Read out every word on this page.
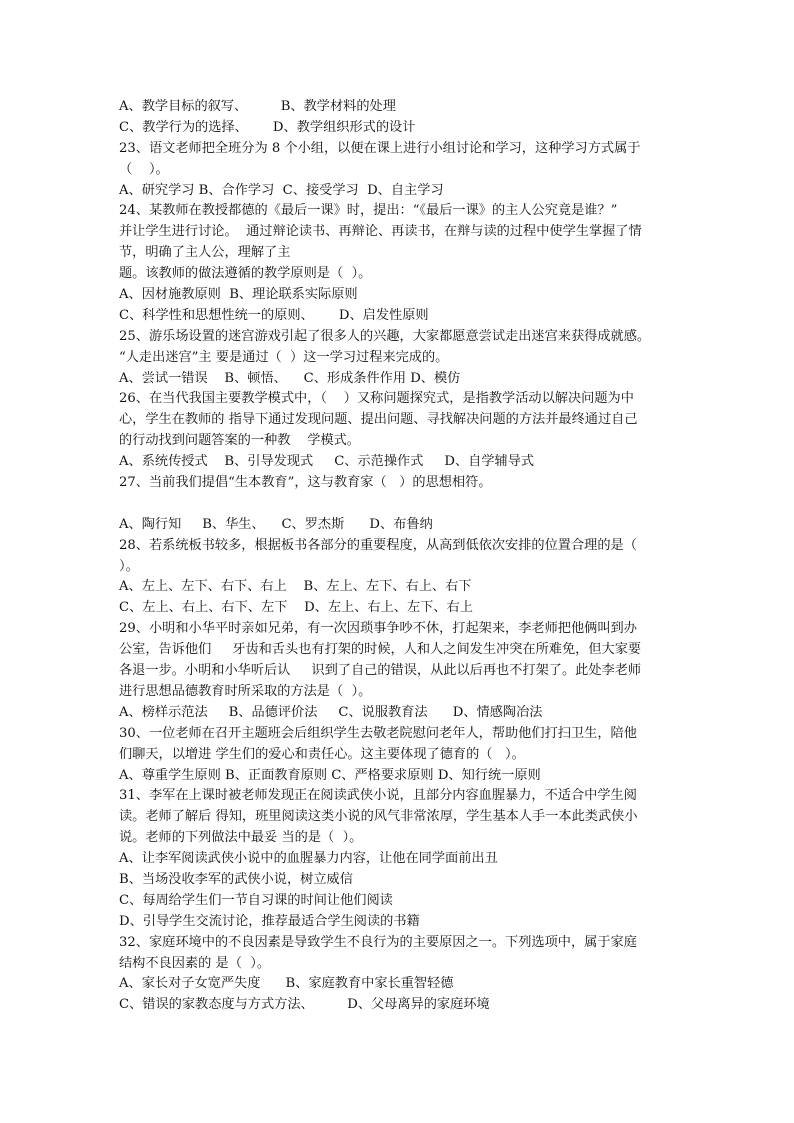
A、教学目标的叙写、        B、教学材料的处理
C、教学行为的选择、      D、教学组织形式的设计
23、语文老师把全班分为 8 个小组，以便在课上进行小组讨论和学习，这种学习方式属于
（    ）。
A、研究学习 B、合作学习  C、接受学习  D、自主学习
24、某教师在教授都德的《最后一课》时，提出：“《最后一课》的主人公究竟是谁？”
并让学生进行讨论。  通过辩论读书、再辩论、再读书，在辩与读的过程中使学生掌握了情
节，明确了主人公，理解了主
题。该教师的做法遵循的教学原则是（  ）。
A、因材施教原则  B、理论联系实际原则
C、科学性和思想性统一的原则、      D、启发性原则
25、游乐场设置的迷宫游戏引起了很多人的兴趣，大家都愿意尝试走出迷宫来获得成就感。
“人走出迷宫”主 要是通过（  ）这一学习过程来完成的。
A、尝试一错误    B、顿悟、    C、形成条件作用 D、模仿
26、在当代我国主要教学模式中，（    ）又称问题探究式，是指教学活动以解决问题为中
心，学生在教师的 指导下通过发现问题、提出问题、寻找解决问题的方法并最终通过自己
的行动找到问题答案的一种教    学模式。
A、系统传授式    B、引导发现式     C、示范操作式     D、自学辅导式
27、当前我们提倡“生本教育”，这与教育家（   ）的思想相符。
A、陶行知     B、华生、    C、罗杰斯      D、布鲁纳
28、若系统板书较多，根据板书各部分的重要程度，从高到低依次安排的位置合理的是（
）。
A、左上、左下、右下、右上    B、左上、左下、右上、右下
C、左上、右上、右下、左下    D、左上、右上、左下、右上
29、小明和小华平时亲如兄弟，有一次因琐事争吵不休，打起架来，李老师把他俩叫到办
公室，告诉他们     牙齿和舌头也有打架的时候，人和人之间发生冲突在所难免，但大家要
各退一步。小明和小华听后认     识到了自己的错误，从此以后再也不打架了。此处李老师
进行思想品德教育时所采取的方法是（  ）。
A、榜样示范法     B、品德评价法     C、说服教育法      D、情感陶冶法
30、一位老师在召开主题班会后组织学生去敬老院慰问老年人，帮助他们打扫卫生，陪他
们聊天，以增进 学生们的爱心和责任心。这主要体现了德育的（   ）。
A、尊重学生原则 B、正面教育原则 C、严格要求原则 D、知行统一原则
31、李军在上课时被老师发现正在阅读武侠小说，且部分内容血腥暴力，不适合中学生阅
读。老师了解后 得知，班里阅读这类小说的风气非常浓厚，学生基本人手一本此类武侠小
说。老师的下列做法中最妥 当的是（  ）。
A、让李军阅读武侠小说中的血腥暴力内容，让他在同学面前出丑
B、当场没收李军的武侠小说，树立威信
C、每周给学生们一节自习课的时间让他们阅读
D、引导学生交流讨论，推荐最适合学生阅读的书籍
32、家庭环境中的不良因素是导致学生不良行为的主要原因之一。下列选项中，属于家庭
结构不良因素的 是（  ）。
A、家长对子女宽严失度      B、家庭教育中家长重智轻德
C、错误的家教态度与方式方法、        D、父母离异的家庭环境
